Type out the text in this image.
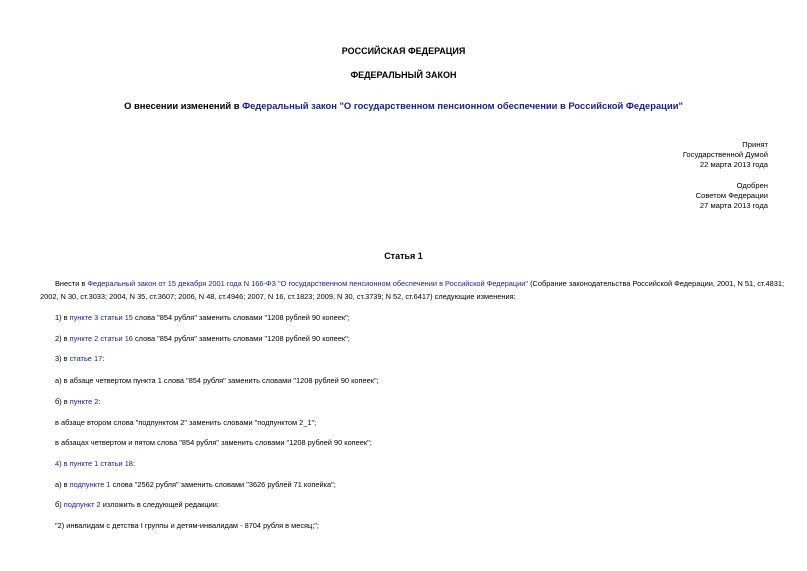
РОССИЙСКАЯ ФЕДЕРАЦИЯ
ФЕДЕРАЛЬНЫЙ ЗАКОН
О внесении изменений в Федеральный закон "О государственном пенсионном обеспечении в Российской Федерации"
Принят
Государственной Думой
22 марта 2013 года
Одобрен
Советом Федерации
27 марта 2013 года
Статья 1
Внести в Федеральный закон от 15 декабря 2001 года N 166-ФЗ "О государственном пенсионном обеспечении в Российской Федерации" (Собрание законодательства Российской Федерации, 2001, N 51, ст.4831;
2002, N 30, ст.3033; 2004, N 35, ст.3607; 2006, N 48, ст.4946; 2007, N 16, ст.1823; 2009, N 30, ст.3739; N 52, ст.6417) следующие изменения:
1) в пункте 3 статьи 15 слова "854 рубля" заменить словами "1208 рублей 90 копеек";
2) в пункте 2 статьи 16 слова "854 рубля" заменить словами "1208 рублей 90 копеек";
3) в статье 17:
а) в абзаце четвертом пункта 1 слова "854 рубля" заменить словами "1208 рублей 90 копеек";
б) в пункте 2:
в абзаце втором слова "подпунктом 2" заменить словами "подпунктом 2_1";
в абзацах четвертом и пятом слова "854 рубля" заменить словами "1208 рублей 90 копеек";
4) в пункте 1 статьи 18:
а) в подпункте 1 слова "2562 рубля" заменить словами "3626 рублей 71 копейка";
б) подпункт 2 изложить в следующей редакции:
"2) инвалидам с детства I группы и детям-инвалидам - 8704 рубля в месяц;";
